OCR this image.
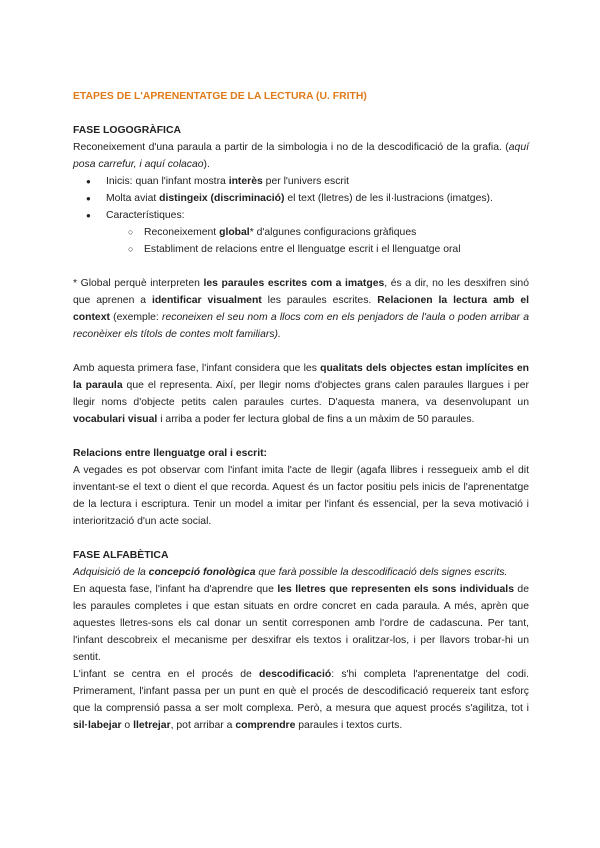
ETAPES DE L'APRENENTATGE DE LA LECTURA (U. FRITH)

FASE LOGOGRÀFICA

Reconeixement d'una paraula a partir de la simbologia i no de la descodificació de la grafia. (aquí posa carrefur, i aquí colacao).

● Inicis: quan l'infant mostra interès per l'univers escrit
● Molta aviat distingeix (discriminació) el text (lletres) de les il·lustracions (imatges).
● Característiques:
○ Reconeixement global* d'algunes configuracions gràfiques
○ Establiment de relacions entre el llenguatge escrit i el llenguatge oral

* Global perquè interpreten les paraules escrites com a imatges, és a dir, no les desxifren sinó que aprenen a identificar visualment les paraules escrites. Relacionen la lectura amb el context (exemple: reconeixen el seu nom a llocs com en els penjadors de l'aula o poden arribar a reconèixer els títols de contes molt familiars).

Amb aquesta primera fase, l'infant considera que les qualitats dels objectes estan implícites en la paraula que el representa. Així, per llegir noms d'objectes grans calen paraules llargues i per llegir noms d'objecte petits calen paraules curtes. D'aquesta manera, va desenvolupant un vocabulari visual i arriba a poder fer lectura global de fins a un màxim de 50 paraules.

Relacions entre llenguatge oral i escrit:

A vegades es pot observar com l'infant imita l'acte de llegir (agafa llibres i ressegueix amb el dit inventant-se el text o dient el que recorda. Aquest és un factor positiu pels inicis de l'aprenentatge de la lectura i escriptura. Tenir un model a imitar per l'infant és essencial, per la seva motivació i interiorització d'un acte social.

FASE ALFABÈTICA

Adquisició de la concepció fonològica que farà possible la descodificació dels signes escrits.

En aquesta fase, l'infant ha d'aprendre que les lletres que representen els sons individuals de les paraules completes i que estan situats en ordre concret en cada paraula. A més, aprèn que aquestes lletres-sons els cal donar un sentit corresponen amb l'ordre de cadascuna. Per tant, l'infant descobreix el mecanisme per desxifrar els textos i oralitzar-los, i per llavors trobar-hi un sentit.

L'infant se centra en el procés de descodificació: s'hi completa l'aprenentatge del codi. Primerament, l'infant passa per un punt en què el procés de descodificació requereix tant esforç que la comprensió passa a ser molt complexa. Però, a mesura que aquest procés s'agilitza, tot i sil·labejar o lletrejar, pot arribar a comprendre paraules i textos curts.
